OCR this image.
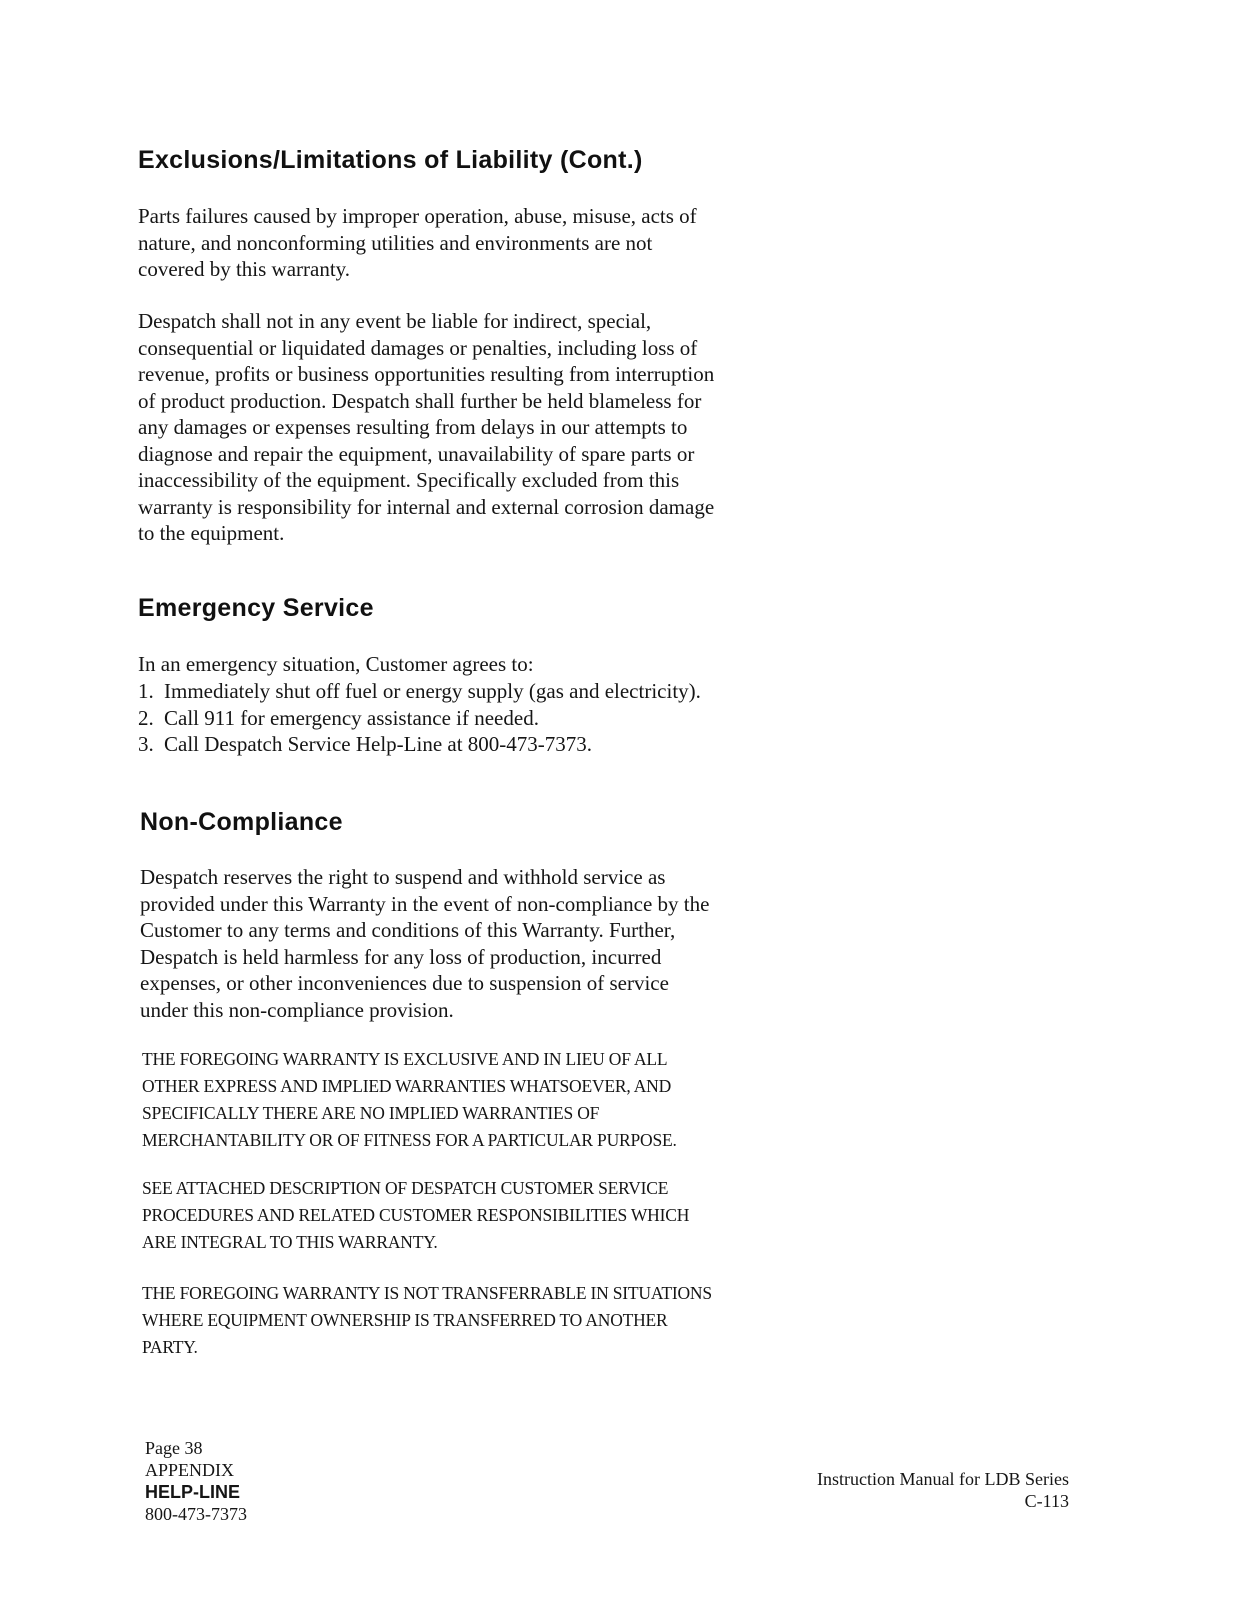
Exclusions/Limitations of Liability (Cont.)

Parts failures caused by improper operation, abuse, misuse, acts of nature, and nonconforming utilities and environments are not covered by this warranty.

Despatch shall not in any event be liable for indirect, special, consequential or liquidated damages or penalties, including loss of revenue, profits or business opportunities resulting from interruption of product production. Despatch shall further be held blameless for any damages or expenses resulting from delays in our attempts to diagnose and repair the equipment, unavailability of spare parts or inaccessibility of the equipment. Specifically excluded from this warranty is responsibility for internal and external corrosion damage to the equipment.

Emergency Service

In an emergency situation, Customer agrees to:

1. Immediately shut off fuel or energy supply (gas and electricity).
2. Call 911 for emergency assistance if needed.
3. Call Despatch Service Help-Line at 800-473-7373.
Non-Compliance

Despatch reserves the right to suspend and withhold service as provided under this Warranty in the event of non-compliance by the Customer to any terms and conditions of this Warranty. Further, Despatch is held harmless for any loss of production, incurred expenses, or other inconveniences due to suspension of service under this non-compliance provision.

THE FOREGOING WARRANTY IS EXCLUSIVE AND IN LIEU OF ALL OTHER EXPRESS AND IMPLIED WARRANTIES WHATSOEVER, AND SPECIFICALLY THERE ARE NO IMPLIED WARRANTIES OF MERCHANTABILITY OR OF FITNESS FOR A PARTICULAR PURPOSE.

SEE ATTACHED DESCRIPTION OF DESPATCH CUSTOMER SERVICE PROCEDURES AND RELATED CUSTOMER RESPONSIBILITIES WHICH ARE INTEGRAL TO THIS WARRANTY.

THE FOREGOING WARRANTY IS NOT TRANSFERRABLE IN SITUATIONS WHERE EQUIPMENT OWNERSHIP IS TRANSFERRED TO ANOTHER PARTY.

Page 38
APPENDIX
HELP-LINE
800-473-7373
Instruction Manual for LDB Series
C-113
